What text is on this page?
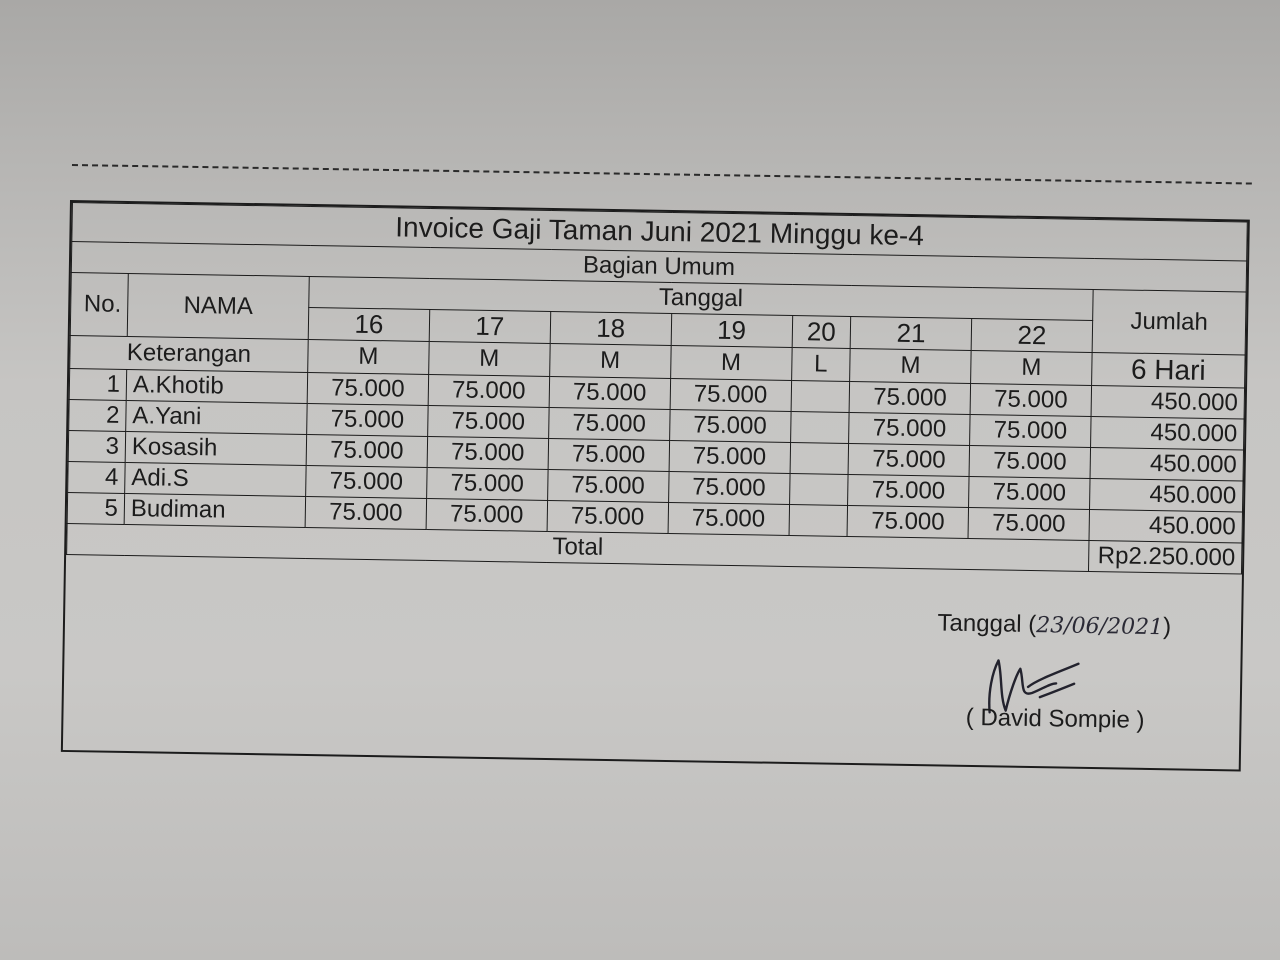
Invoice Gaji Taman Juni 2021 Minggu ke-4									
Bagian Umum									
No.	NAMA	Tanggal							Jumlah
		16	17	18	19	20	21	22	
Keterangan		M	M	M	M	L	M	M	6 Hari
1	A.Khotib	75.000	75.000	75.000	75.000		75.000	75.000	450.000
2	A.Yani	75.000	75.000	75.000	75.000		75.000	75.000	450.000
3	Kosasih	75.000	75.000	75.000	75.000		75.000	75.000	450.000
4	Adi.S	75.000	75.000	75.000	75.000		75.000	75.000	450.000
5	Budiman	75.000	75.000	75.000	75.000		75.000	75.000	450.000
Total									Rp2.250.000
Tanggal (23/06/2021)
( David Sompie )
